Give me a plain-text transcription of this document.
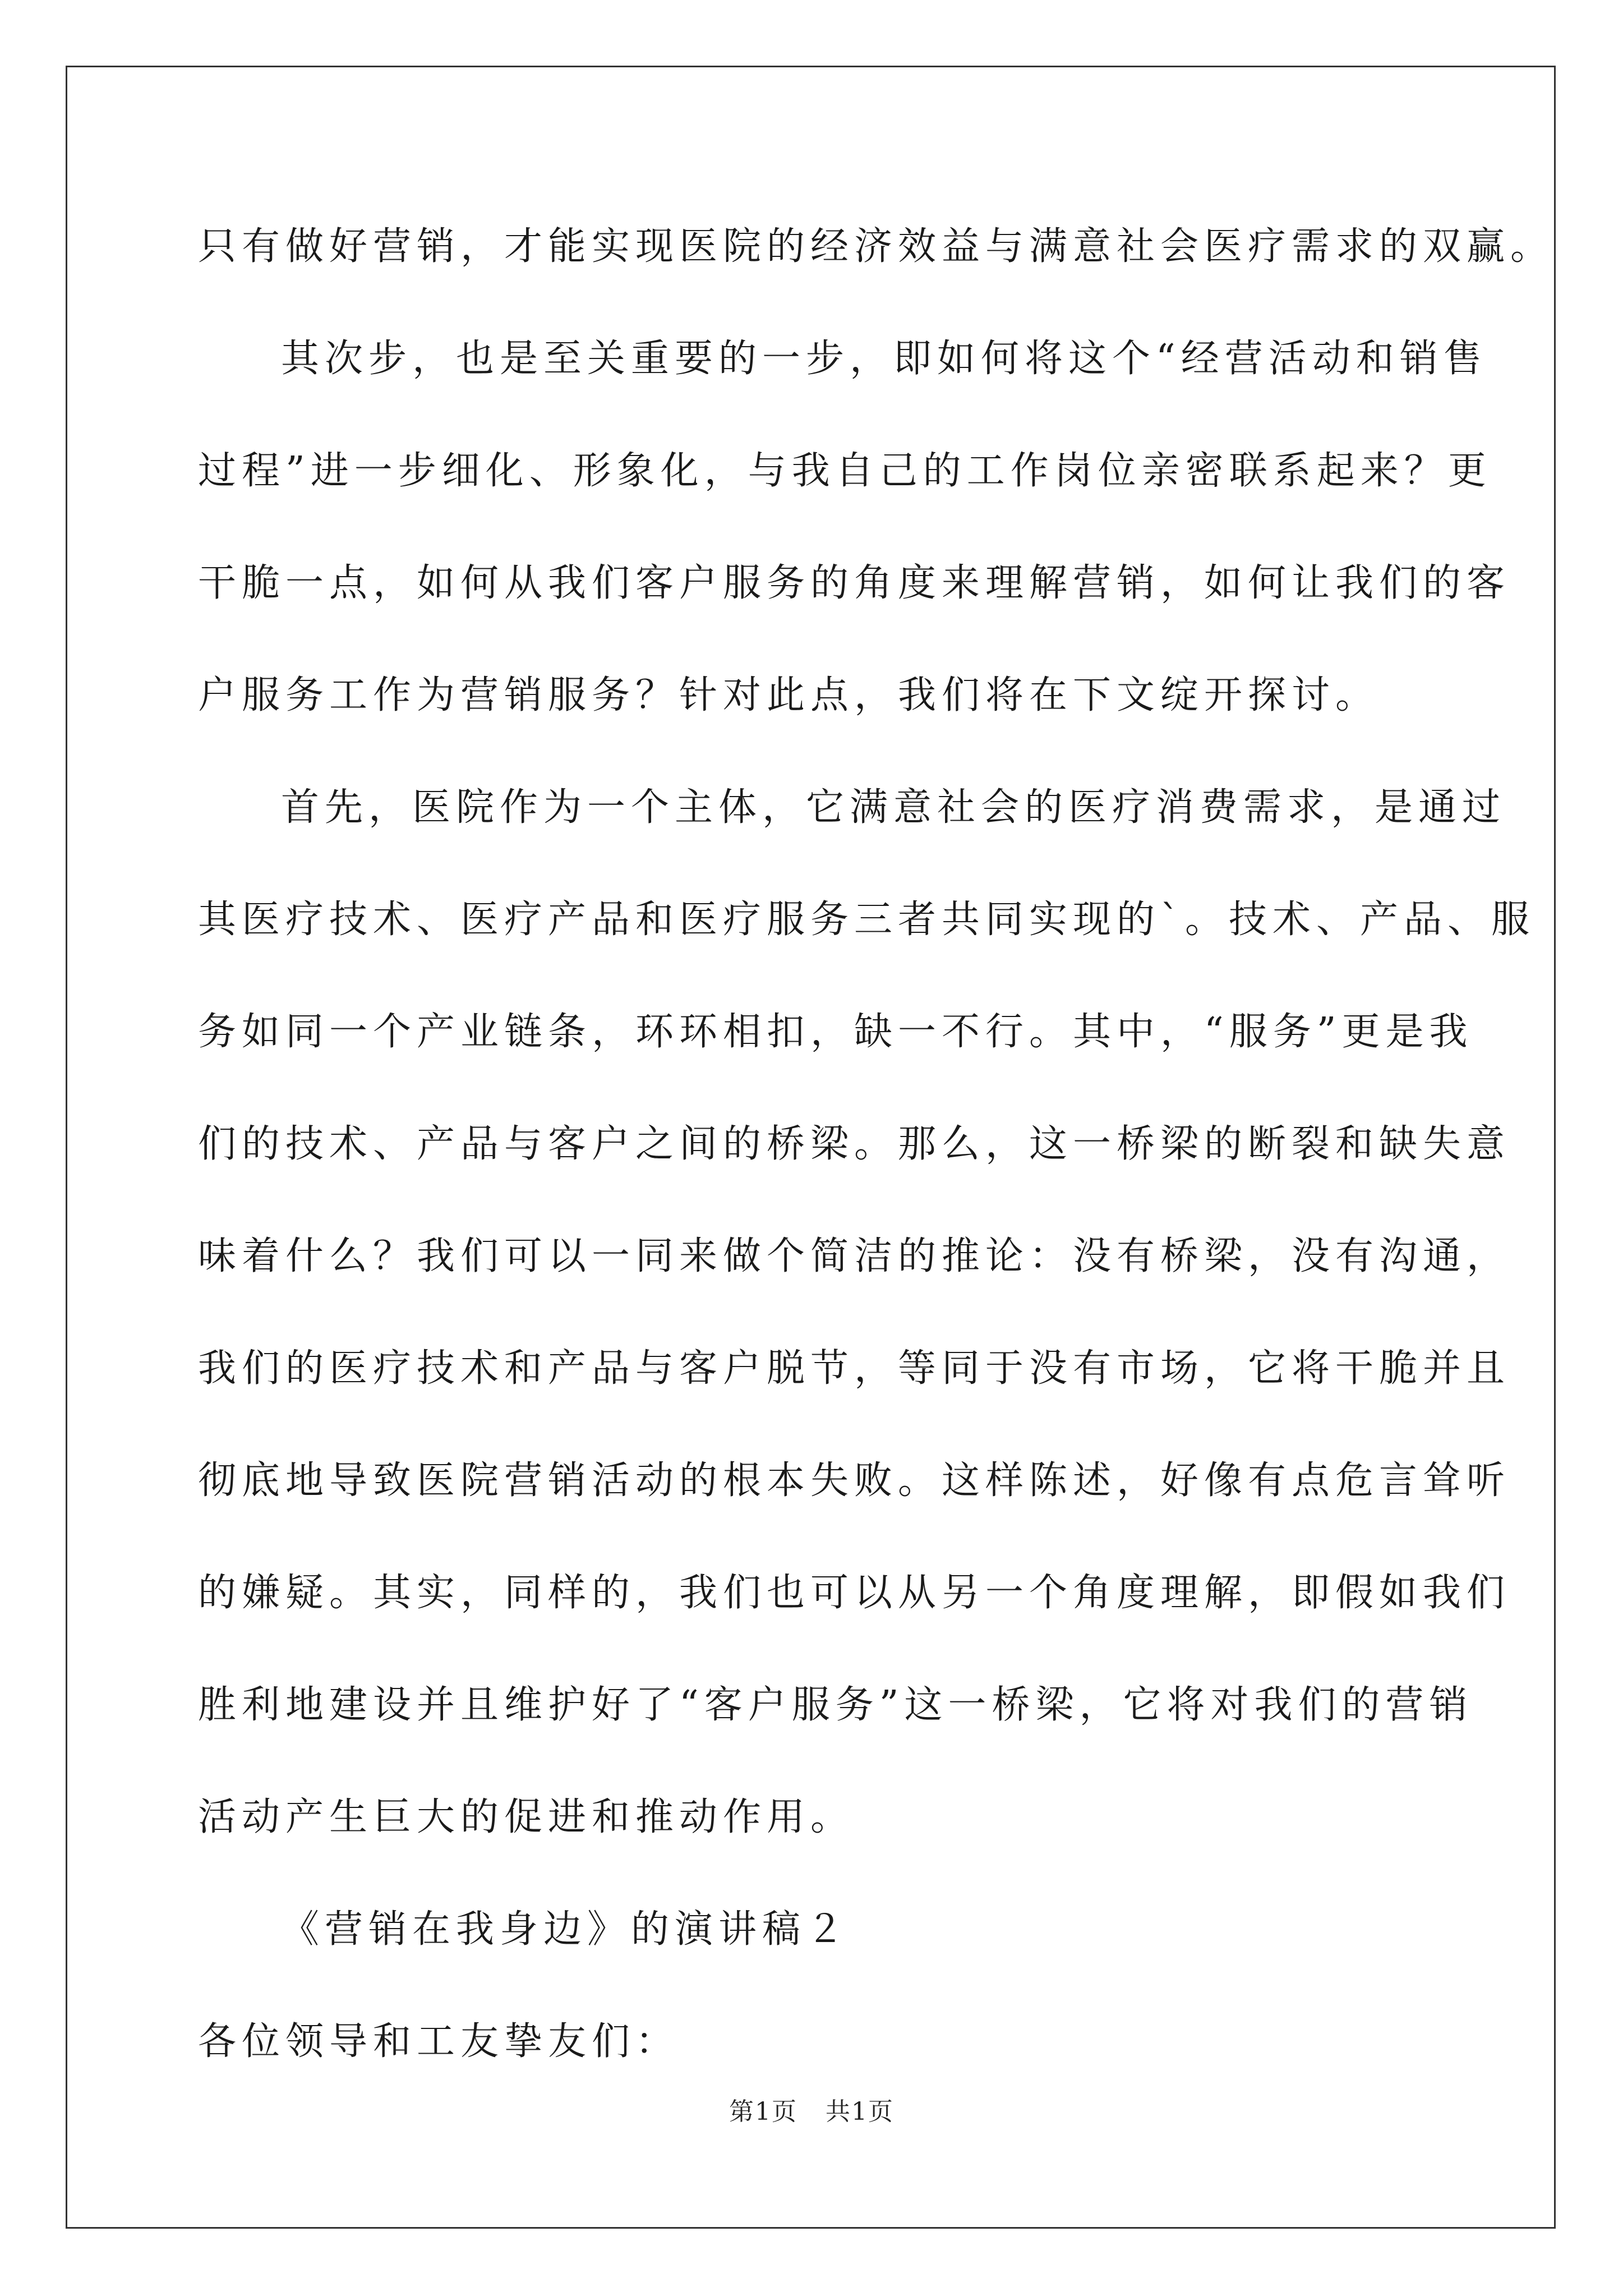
只有做好营销，才能实现医院的经济效益与满意社会医疗需求的双赢。
其次步，也是至关重要的一步，即如何将这个“经营活动和销售
过程”进一步细化、形象化，与我自己的工作岗位亲密联系起来？更
干脆一点，如何从我们客户服务的角度来理解营销，如何让我们的客
户服务工作为营销服务？针对此点，我们将在下文绽开探讨。
首先，医院作为一个主体，它满意社会的医疗消费需求，是通过
其医疗技术、医疗产品和医疗服务三者共同实现的`。技术、产品、服
务如同一个产业链条，环环相扣，缺一不行。其中，“服务”更是我
们的技术、产品与客户之间的桥梁。那么，这一桥梁的断裂和缺失意
味着什么？我们可以一同来做个简洁的推论：没有桥梁，没有沟通，
我们的医疗技术和产品与客户脱节，等同于没有市场，它将干脆并且
彻底地导致医院营销活动的根本失败。这样陈述，好像有点危言耸听
的嫌疑。其实，同样的，我们也可以从另一个角度理解，即假如我们
胜利地建设并且维护好了“客户服务”这一桥梁，它将对我们的营销
活动产生巨大的促进和推动作用。
《营销在我身边》的演讲稿２
各位领导和工友挚友们：
第1页 共1页
